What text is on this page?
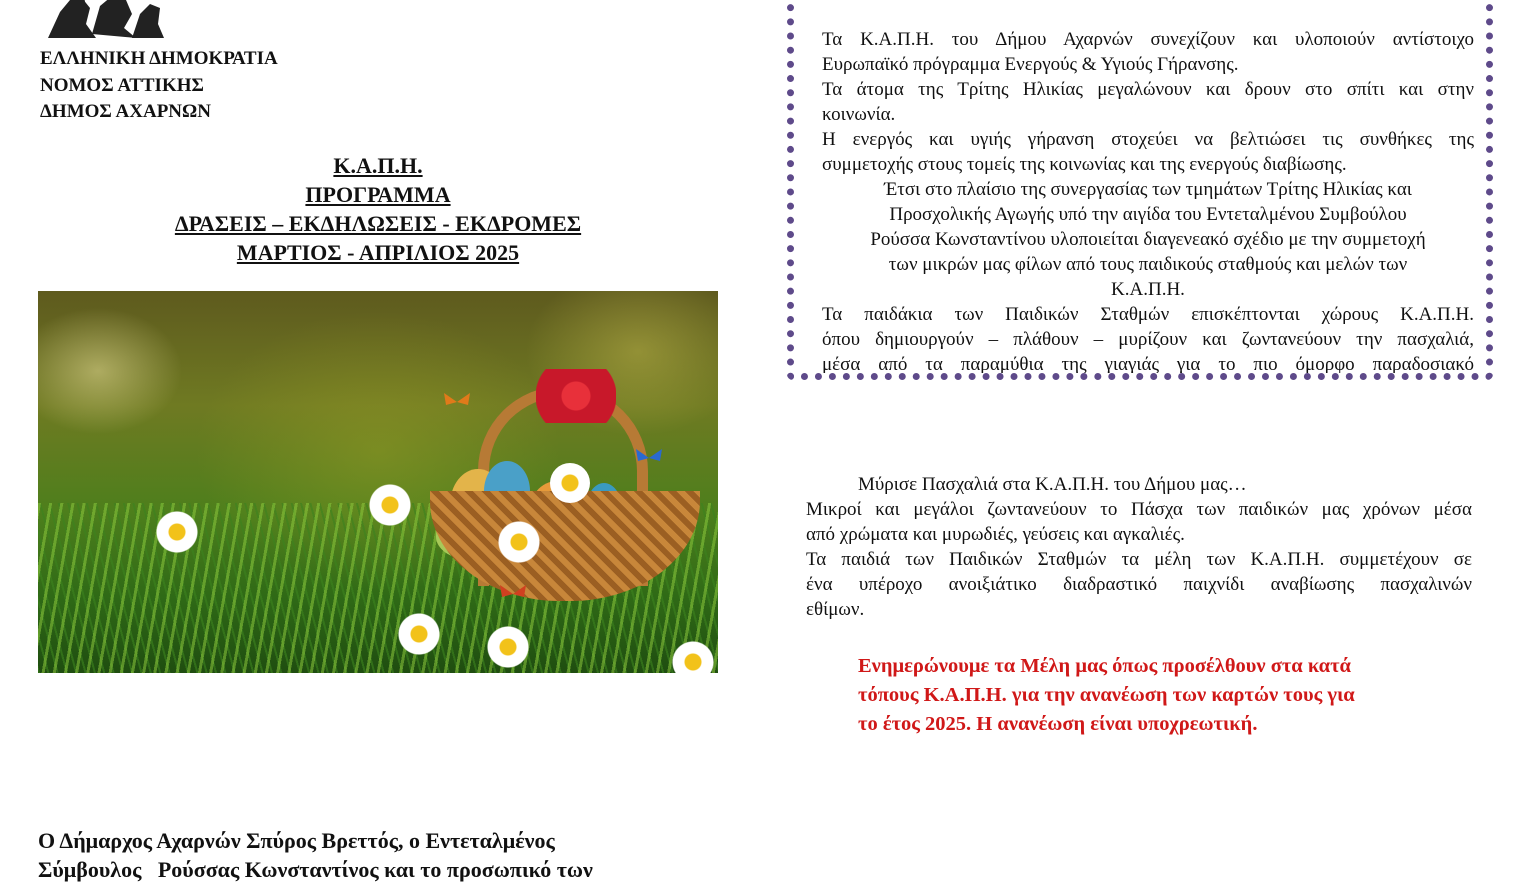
ΕΛΛΗΝΙΚΗ ΔΗΜΟΚΡΑΤΙΑ
ΝΟΜΟΣ ΑΤΤΙΚΗΣ
ΔΗΜΟΣ ΑΧΑΡΝΩΝ
Κ.Α.Π.Η.
ΠΡΟΓΡΑΜΜΑ
ΔΡΑΣΕΙΣ – ΕΚΔΗΛΩΣΕΙΣ - ΕΚΔΡΟΜΕΣ
ΜΑΡΤΙΟΣ - ΑΠΡΙΛΙΟΣ 2025
Τα Κ.Α.Π.Η. του Δήμου Αχαρνών συνεχίζουν και υλοποιούν αντίστοιχο
Ευρωπαϊκό πρόγραμμα Ενεργούς & Υγιούς Γήρανσης.
Τα άτομα της Τρίτης Ηλικίας μεγαλώνουν και δρουν στο σπίτι και στην
κοινωνία.
Η ενεργός και υγιής γήρανση στοχεύει να βελτιώσει τις συνθήκες της
συμμετοχής στους τομείς της κοινωνίας και της ενεργούς διαβίωσης.
Έτσι στο πλαίσιο της συνεργασίας των τμημάτων Τρίτης Ηλικίας και
Προσχολικής Αγωγής υπό την αιγίδα του Εντεταλμένου Συμβούλου
Ρούσσα Κωνσταντίνου υλοποιείται διαγενεακό σχέδιο με την συμμετοχή
των μικρών μας φίλων από τους παιδικούς σταθμούς και μελών των
Κ.Α.Π.Η.
Τα παιδάκια των Παιδικών Σταθμών επισκέπτονται χώρους Κ.Α.Π.Η.
όπου δημιουργούν – πλάθουν – μυρίζουν και ζωντανεύουν την πασχαλιά,
μέσα από τα παραμύθια της γιαγιάς για το πιο όμορφο παραδοσιακό
Μύρισε Πασχαλιά στα Κ.Α.Π.Η. του Δήμου μας…
Μικροί και μεγάλοι ζωντανεύουν το Πάσχα των παιδικών μας χρόνων μέσα
από χρώματα και μυρωδιές, γεύσεις και αγκαλιές.
Τα παιδιά των Παιδικών Σταθμών τα μέλη των Κ.Α.Π.Η. συμμετέχουν σε
ένα υπέροχο ανοιξιάτικο διαδραστικό παιχνίδι αναβίωσης πασχαλινών
εθίμων.
Ενημερώνουμε τα Μέλη μας όπως προσέλθουν στα κατά
τόπους Κ.Α.Π.Η. για την ανανέωση των καρτών τους για
το έτος 2025. Η ανανέωση είναι υποχρεωτική.
Ο Δήμαρχος Αχαρνών Σπύρος Βρεττός, ο Εντεταλμένος
Σύμβουλος   Ρούσσας Κωνσταντίνος και το προσωπικό των
